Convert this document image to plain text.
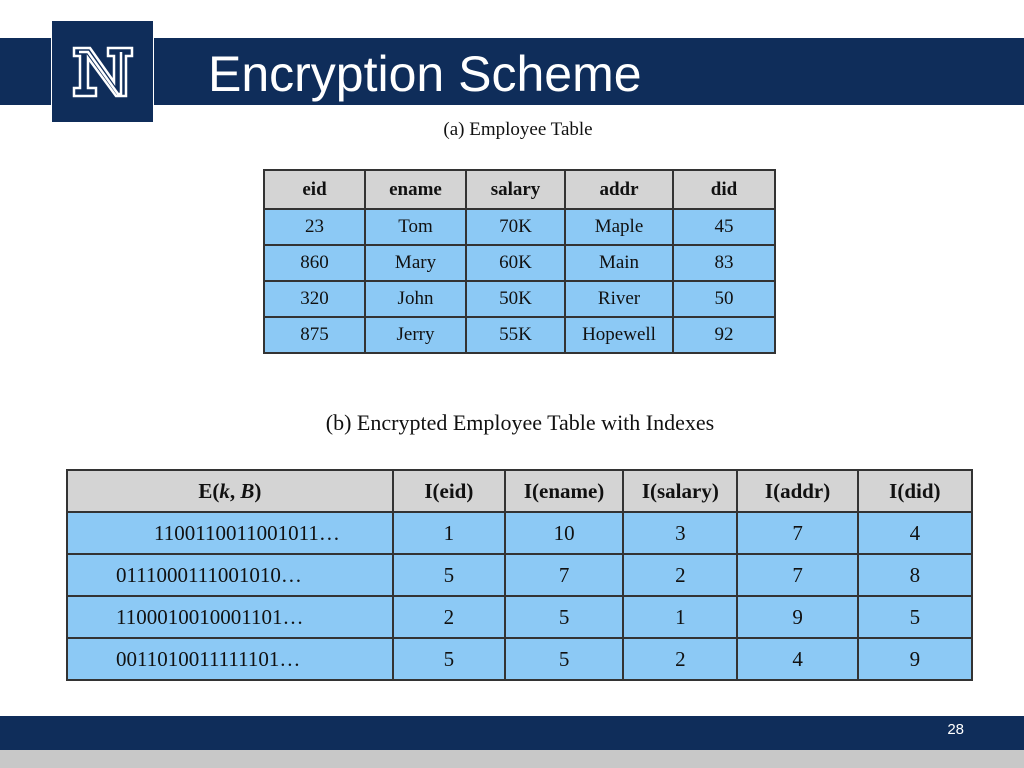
Encryption Scheme
(a) Employee Table
eid	ename	salary	addr	did
23	Tom	70K	Maple	45
860	Mary	60K	Main	83
320	John	50K	River	50
875	Jerry	55K	Hopewell	92
(b) Encrypted Employee Table with Indexes
E(k, B)	I(eid)	I(ename)	I(salary)	I(addr)	I(did)
1100110011001011…	1	10	3	7	4
0111000111001010…	5	7	2	7	8
1100010010001101…	2	5	1	9	5
0011010011111101…	5	5	2	4	9
28
